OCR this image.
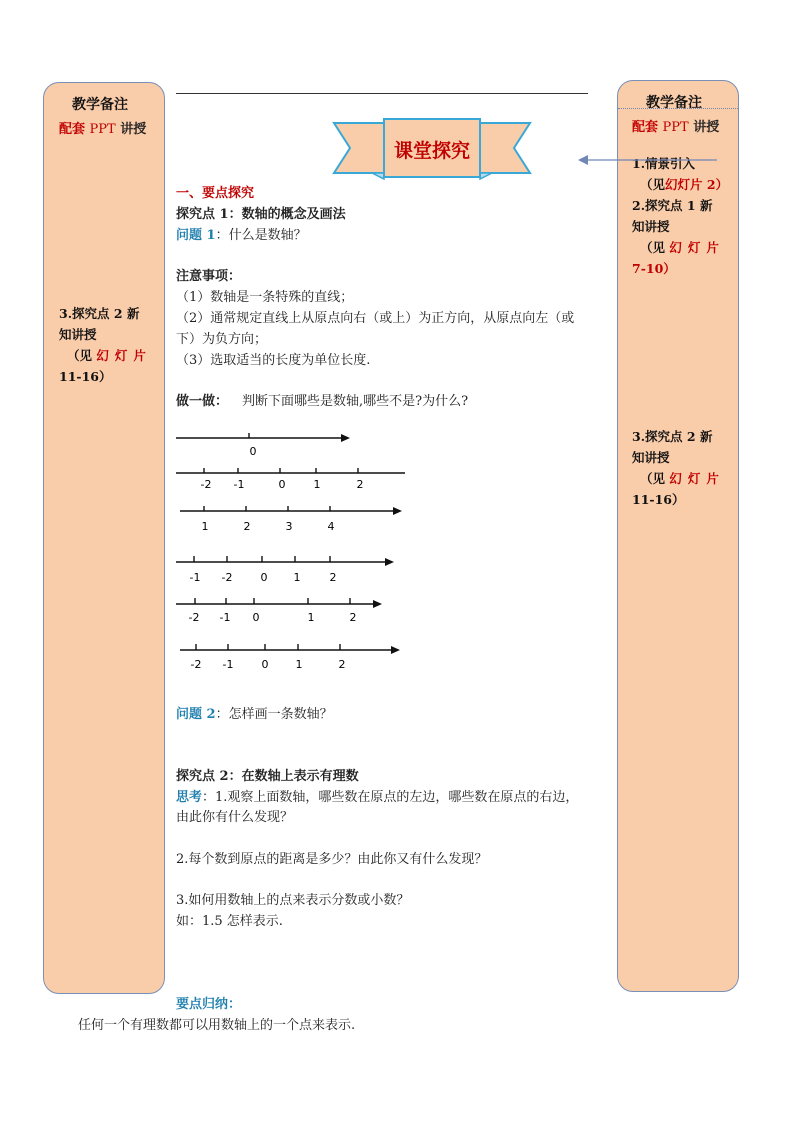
教学备注
配套 PPT 讲授
3.探究点 2 新
知讲授
（见 幻灯片
11-16）
教学备注
配套 PPT 讲授
1.情景引入
（见幻灯片 2）
2.探究点 1 新
知讲授
（见 幻灯片
7-10）
3.探究点 2 新
知讲授
（见 幻灯片
11-16）
课堂探究
一、要点探究
探究点 1：数轴的概念及画法
问题 1：什么是数轴？
注意事项：
（1）数轴是一条特殊的直线；
（2）通常规定直线上从原点向右（或上）为正方向，从原点向左（或
下）为负方向；
（3）选取适当的长度为单位长度.
做一做： 判断下面哪些是数轴,哪些不是?为什么?
0
-2 -1	0	1	2
1	2	3	4
-1 -2	0 1	2
-2 -1 0	1	2
-2 -1	0 1	2
问题 2：怎样画一条数轴？
探究点 2：在数轴上表示有理数
思考：1.观察上面数轴，哪些数在原点的左边，哪些数在原点的右边，
由此你有什么发现？
2.每个数到原点的距离是多少？由此你又有什么发现？
3.如何用数轴上的点来表示分数或小数？
如：1.5 怎样表示.
要点归纳：
任何一个有理数都可以用数轴上的一个点来表示.
